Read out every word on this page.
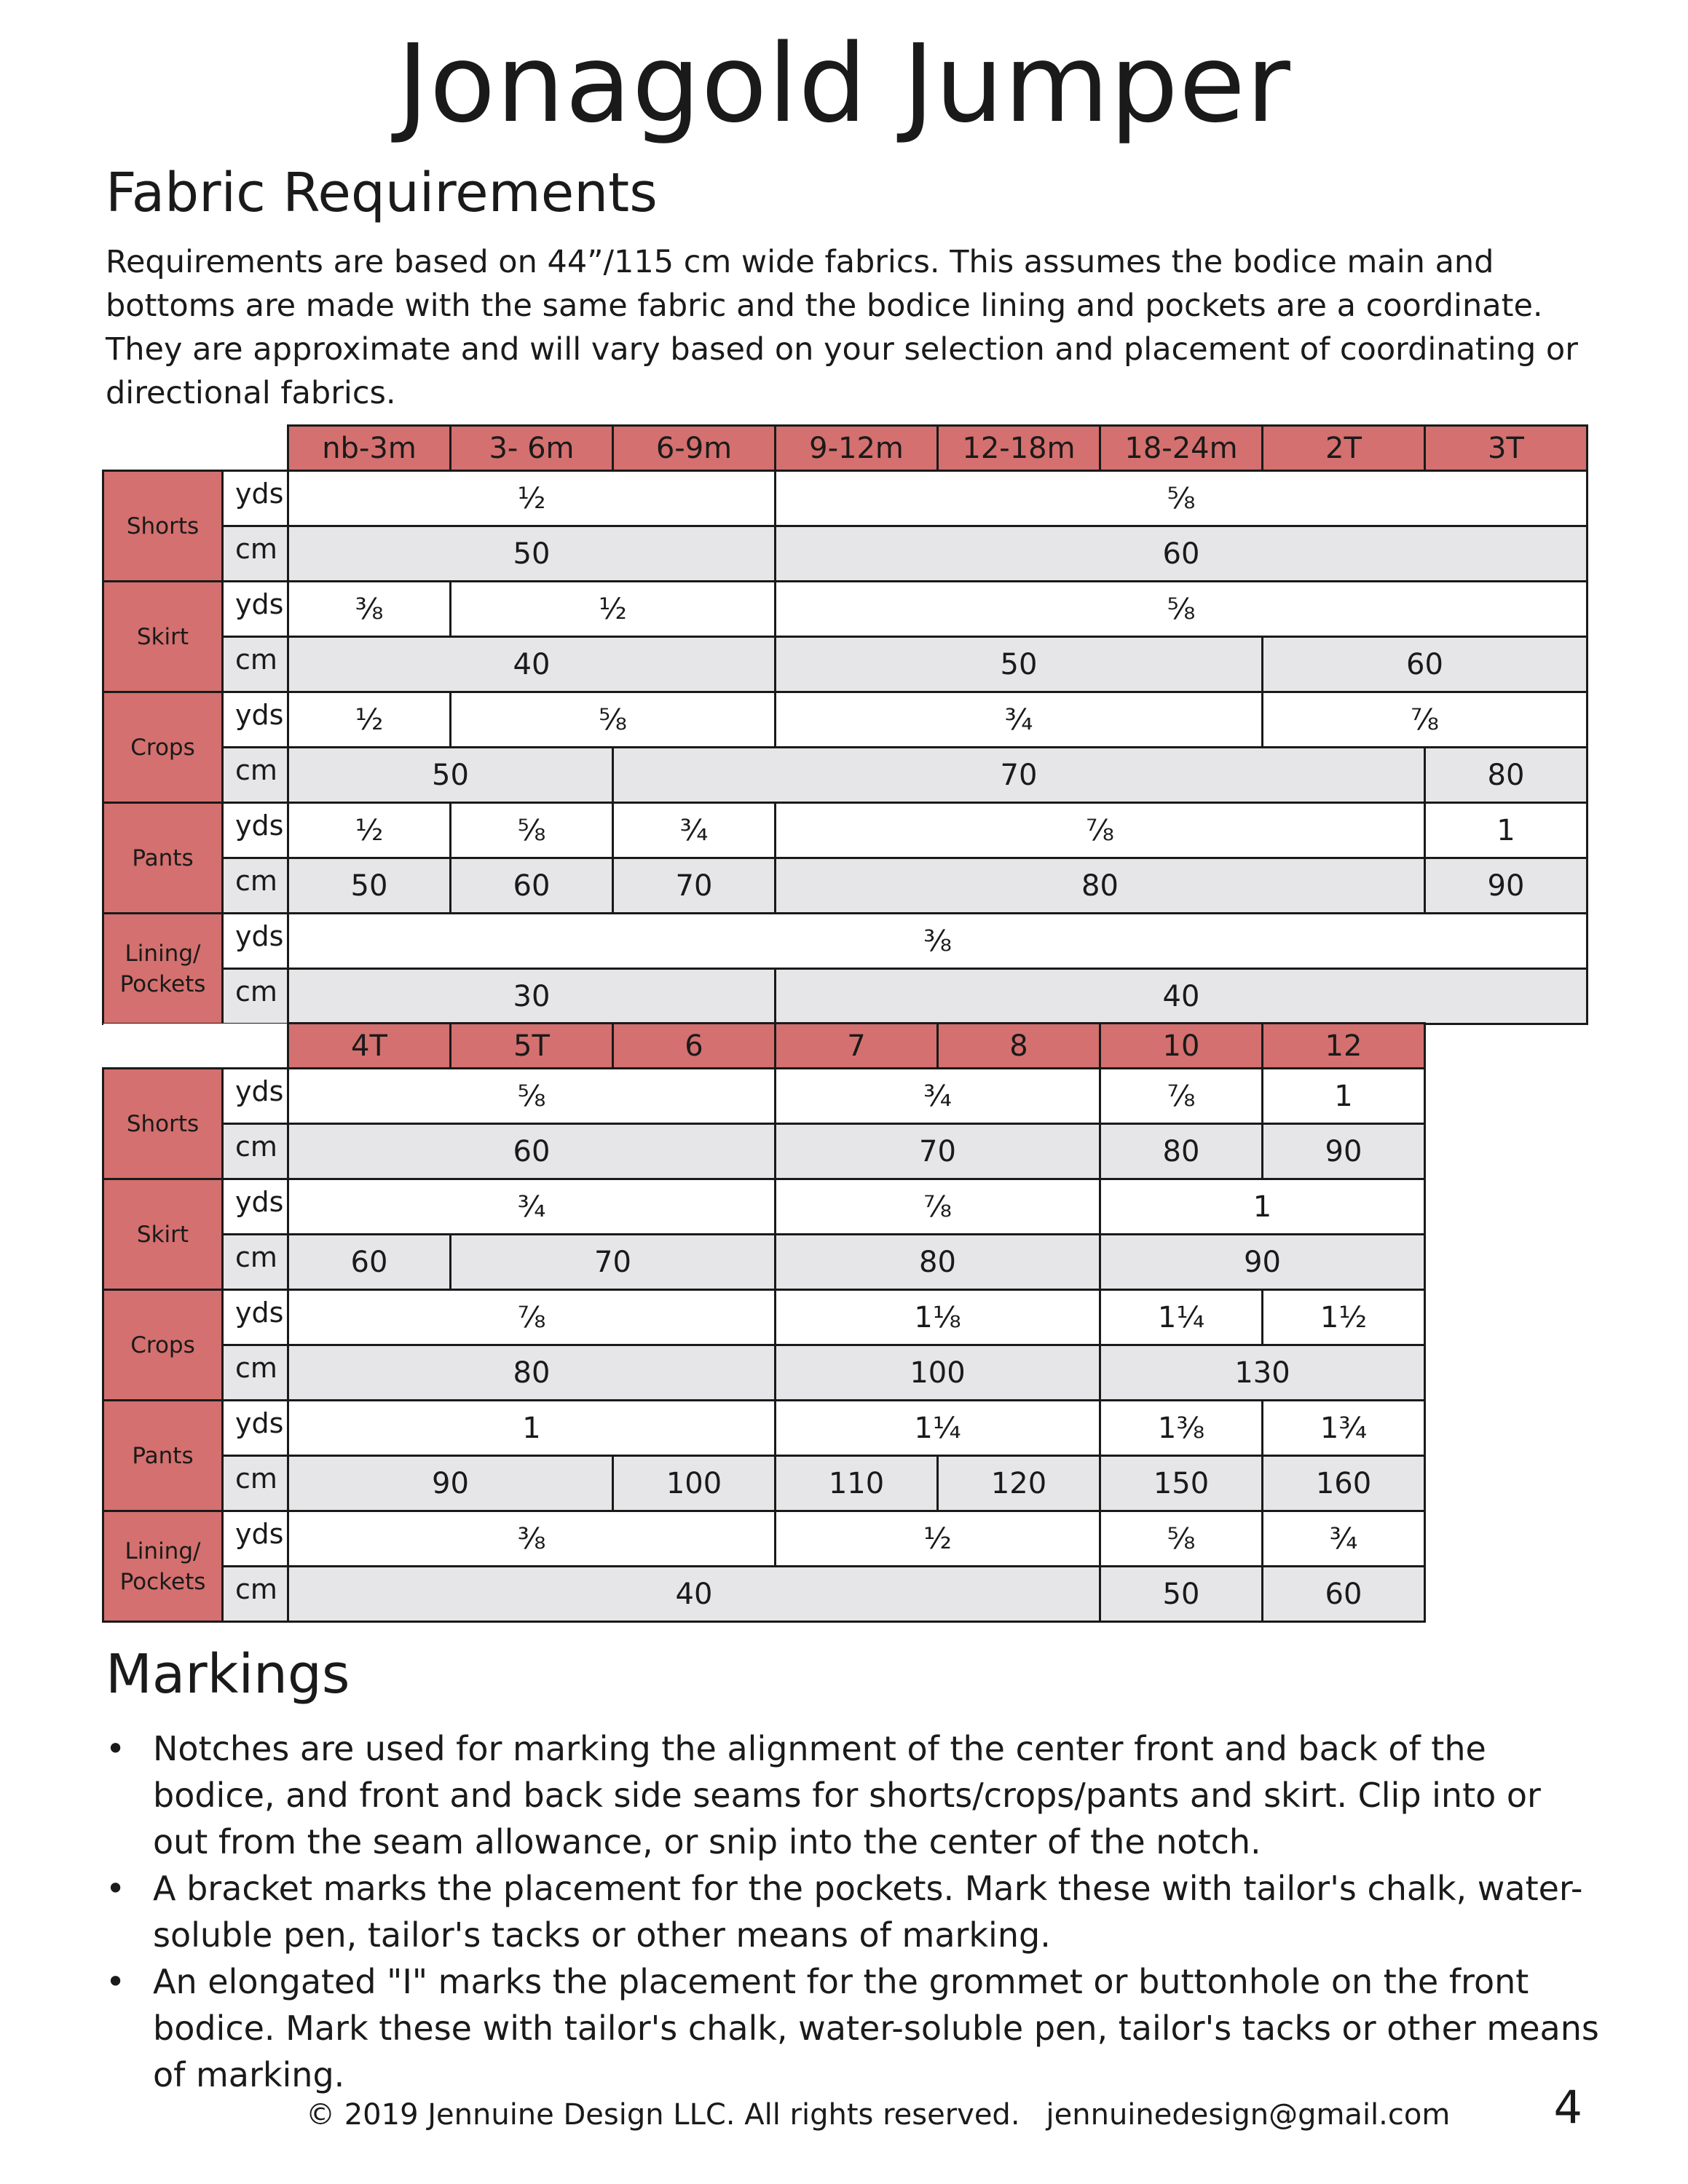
Jonagold Jumper
Fabric Requirements

Requirements are based on 44”/115 cm wide fabrics. This assumes the bodice main and bottoms are made with the same fabric and the bodice lining and pockets are a coordinate. They are approximate and will vary based on your selection and placement of coordinating or directional fabrics.

		nb-3m	3- 6m	6-9m	9-12m	12-18m	18-24m	2T	3T
Shorts	yds	½			⅝				
	cm	50			60				
Skirt	yds	⅜	½		⅝				
	cm	40			50			60	
Crops	yds	½	⅝		¾			⅞	
	cm	50		70					80
Pants	yds	½	⅝	¾	⅞				1
	cm	50	60	70	80				90
Lining/ Pockets	yds	⅜							
	cm	30			40				
		4T	5T	6	7	8	10	12
Shorts	yds	⅝			¾		⅞	1
	cm	60			70		80	90
Skirt	yds	¾			⅞		1	
	cm	60	70		80		90	
Crops	yds	⅞			1⅛		1¼	1½
	cm	80			100		130	
Pants	yds	1			1¼		1⅜	1¾
	cm	90		100	110	120	150	160
Lining/ Pockets	yds	⅜			½		⅝	¾
	cm	40					50	60
Markings
• Notches are used for marking the alignment of the center front and back of the bodice, and front and back side seams for shorts/crops/pants and skirt. Clip into or out from the seam allowance, or snip into the center of the notch.
• A bracket marks the placement for the pockets. Mark these with tailor's chalk, water-soluble pen, tailor's tacks or other means of marking.
• An elongated "I" marks the placement for the grommet or buttonhole on the front bodice. Mark these with tailor's chalk, water-soluble pen, tailor's tacks or other means of marking.
© 2019 Jennuine Design LLC. All rights reserved. jennuinedesign@gmail.com 4
